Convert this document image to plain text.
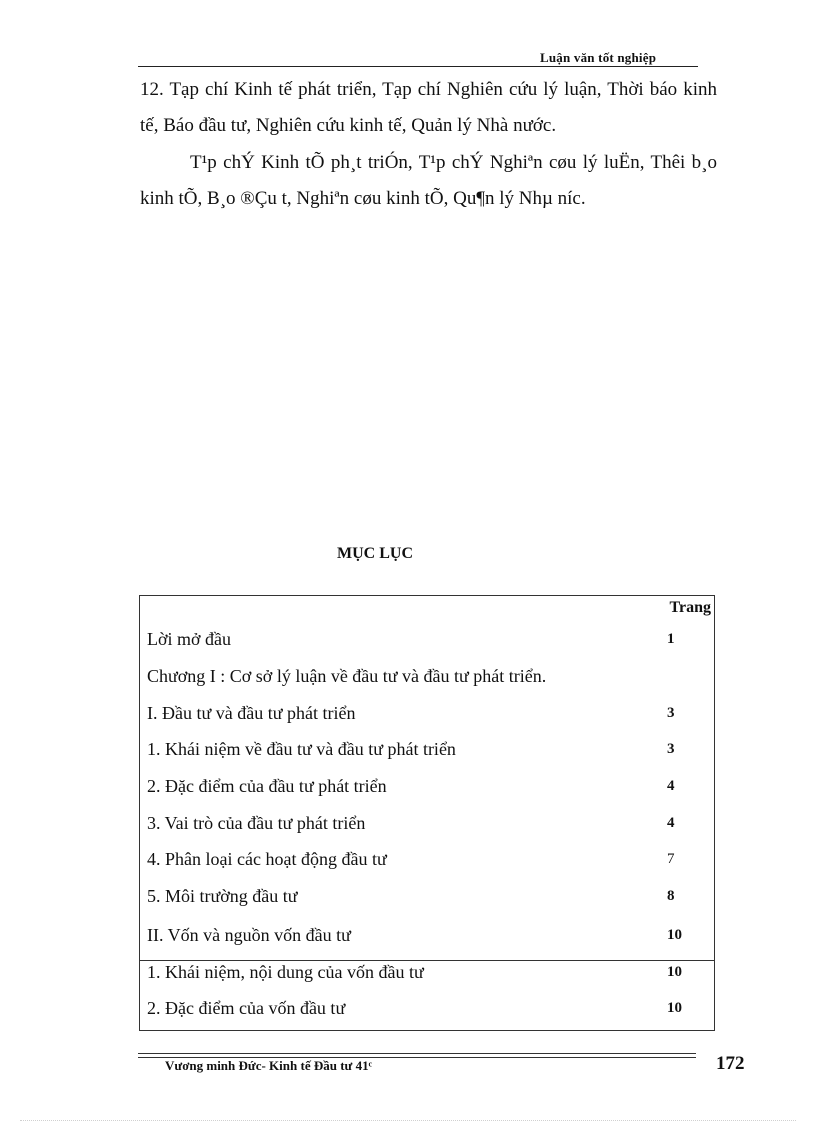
Luận văn tốt nghiệp

12. Tạp chí Kinh tế phát triển, Tạp chí Nghiên cứu lý luận, Thời báo kinh tế, Báo đầu tư, Nghiên cứu kinh tế, Quản lý Nhà nước.

T¹p chÝ Kinh tÕ ph¸t triÓn, T¹p chÝ Nghiªn cøu lý luËn, Thêi b¸o kinh tÕ, B¸o ®Çu t, Nghiªn cøu kinh tÕ, Qu¶n lý Nhµ níc.

MỤC LỤC
Trang
Lời mở đầu	1
Chương I : Cơ sở lý luận về đầu tư và đầu tư phát triển.
I. Đầu tư và đầu tư phát triển	3
1. Khái niệm về đầu tư và đầu tư phát triển	3
2. Đặc điểm của đầu tư phát triển	4
3. Vai trò của đầu tư phát triển	4
4. Phân loại các hoạt động đầu tư	7
5. Môi trường đầu tư	8
II. Vốn và nguồn vốn đầu tư	10
1. Khái niệm, nội dung của vốn đầu tư	10
2. Đặc điểm của vốn đầu tư	10
Vương minh Đức- Kinh tế Đầu tư 41ᶜ	172
